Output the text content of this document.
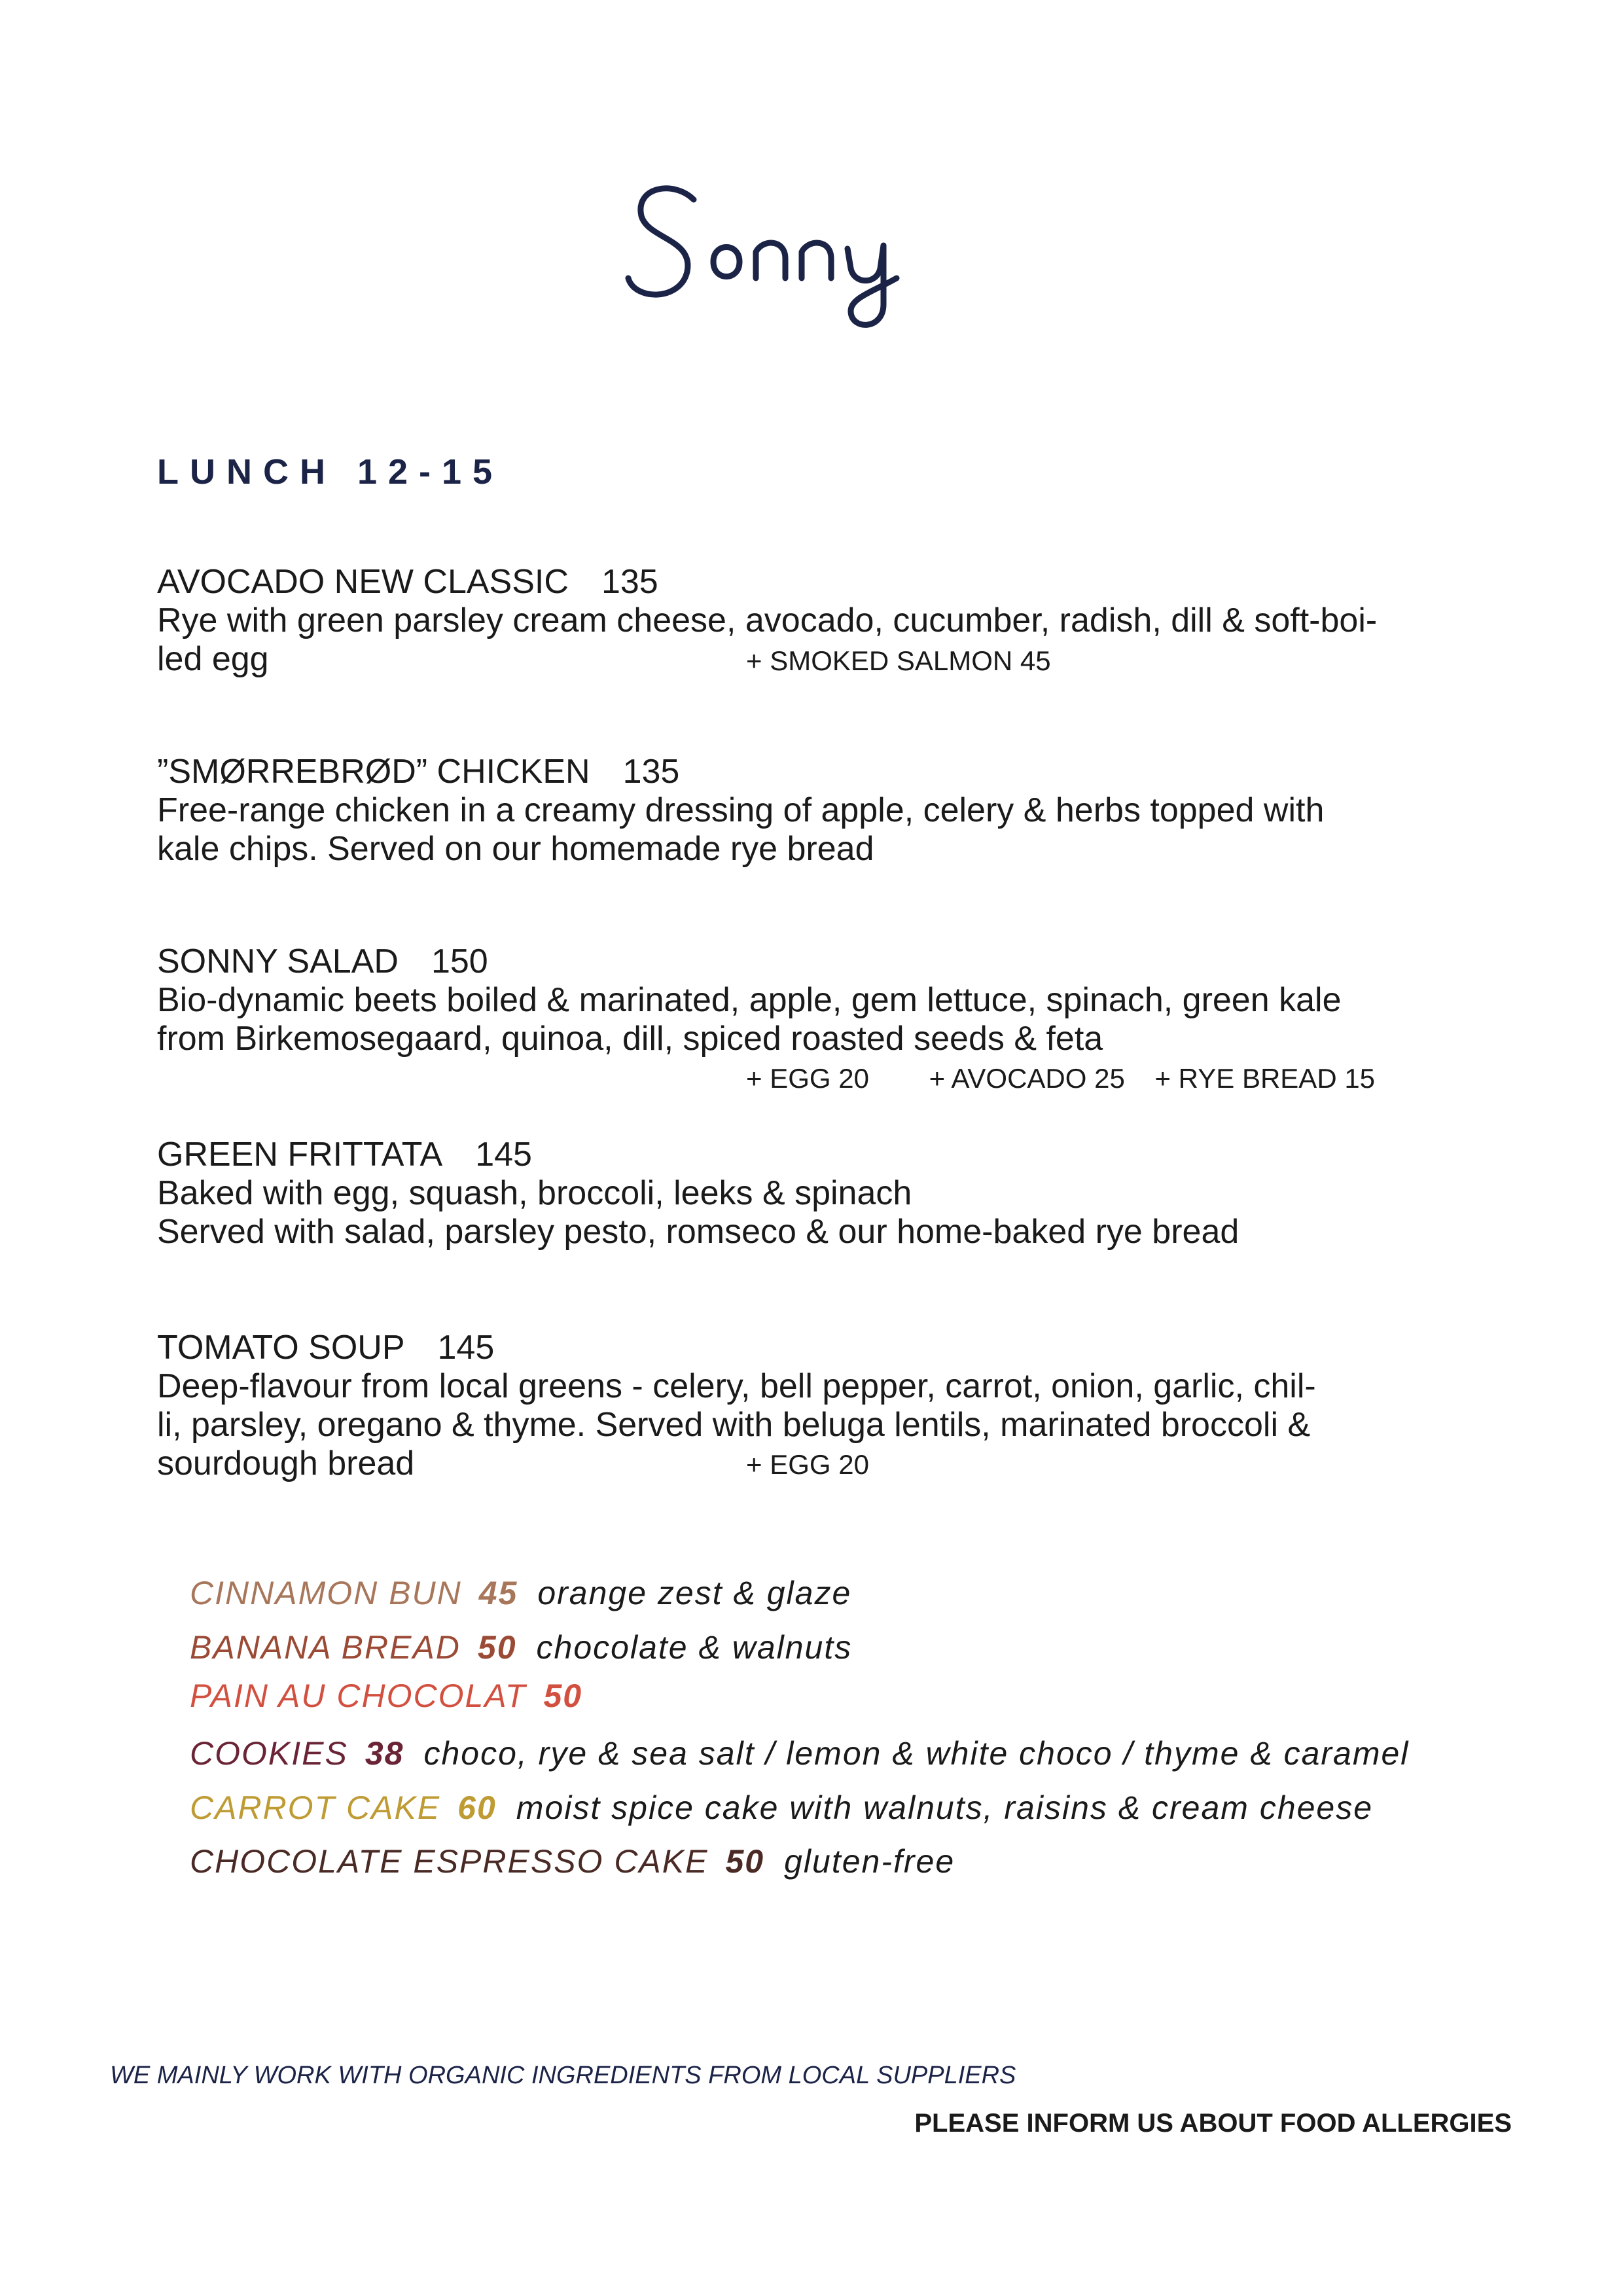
LUNCH 12-15
AVOCADO NEW CLASSIC 135
Rye with green parsley cream cheese, avocado, cucumber, radish, dill & soft-boi-
led egg	+ SMOKED SALMON 45
”SMØRREBRØD” CHICKEN 135
Free-range chicken in a creamy dressing of apple, celery & herbs topped with
kale chips. Served on our homemade rye bread
SONNY SALAD 150
Bio-dynamic beets boiled & marinated, apple, gem lettuce, spinach, green kale
from Birkemosegaard, quinoa, dill, spiced roasted seeds & feta
+ EGG 20 + AVOCADO 25 + RYE BREAD 15
GREEN FRITTATA 145
Baked with egg, squash, broccoli, leeks & spinach
Served with salad, parsley pesto, romseco & our home-baked rye bread
TOMATO SOUP 145
Deep-flavour from local greens - celery, bell pepper, carrot, onion, garlic, chil-
li, parsley, oregano & thyme. Served with beluga lentils, marinated broccoli &
sourdough bread	+ EGG 20
CINNAMON BUN 45 orange zest & glaze
BANANA BREAD 50 chocolate & walnuts
PAIN AU CHOCOLAT 50
COOKIES 38 choco, rye & sea salt / lemon & white choco / thyme & caramel
CARROT CAKE 60 moist spice cake with walnuts, raisins & cream cheese
CHOCOLATE ESPRESSO CAKE 50 gluten-free
WE MAINLY WORK WITH ORGANIC INGREDIENTS FROM LOCAL SUPPLIERS
PLEASE INFORM US ABOUT FOOD ALLERGIES
